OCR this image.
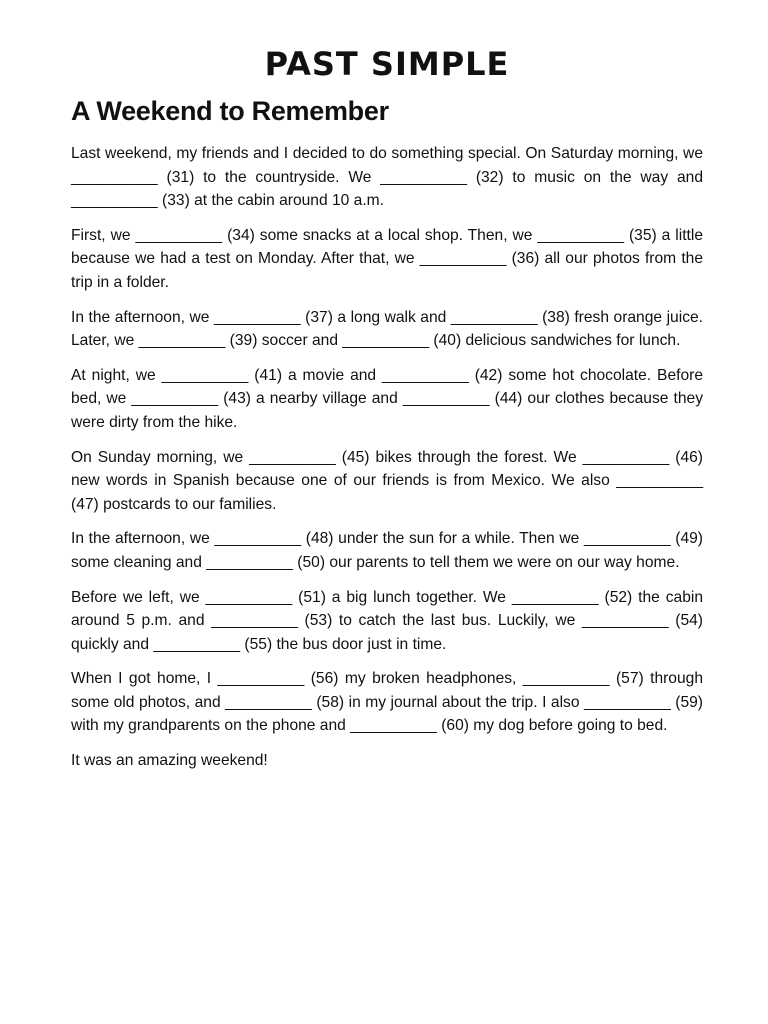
PAST SIMPLE
A Weekend to Remember

Last weekend, my friends and I decided to do something special. On Saturday morning, we __________ (31) to the countryside. We __________ (32) to music on the way and __________ (33) at the cabin around 10 a.m.

First, we __________ (34) some snacks at a local shop. Then, we __________ (35) a little because we had a test on Monday. After that, we __________ (36) all our photos from the trip in a folder.

In the afternoon, we __________ (37) a long walk and __________ (38) fresh orange juice. Later, we __________ (39) soccer and __________ (40) delicious sandwiches for lunch.

At night, we __________ (41) a movie and __________ (42) some hot chocolate. Before bed, we __________ (43) a nearby village and __________ (44) our clothes because they were dirty from the hike.

On Sunday morning, we __________ (45) bikes through the forest. We __________ (46) new words in Spanish because one of our friends is from Mexico. We also __________ (47) postcards to our families.

In the afternoon, we __________ (48) under the sun for a while. Then we __________ (49) some cleaning and __________ (50) our parents to tell them we were on our way home.

Before we left, we __________ (51) a big lunch together. We __________ (52) the cabin around 5 p.m. and __________ (53) to catch the last bus. Luckily, we __________ (54) quickly and __________ (55) the bus door just in time.

When I got home, I __________ (56) my broken headphones, __________ (57) through some old photos, and __________ (58) in my journal about the trip. I also __________ (59) with my grandparents on the phone and __________ (60) my dog before going to bed.

It was an amazing weekend!
